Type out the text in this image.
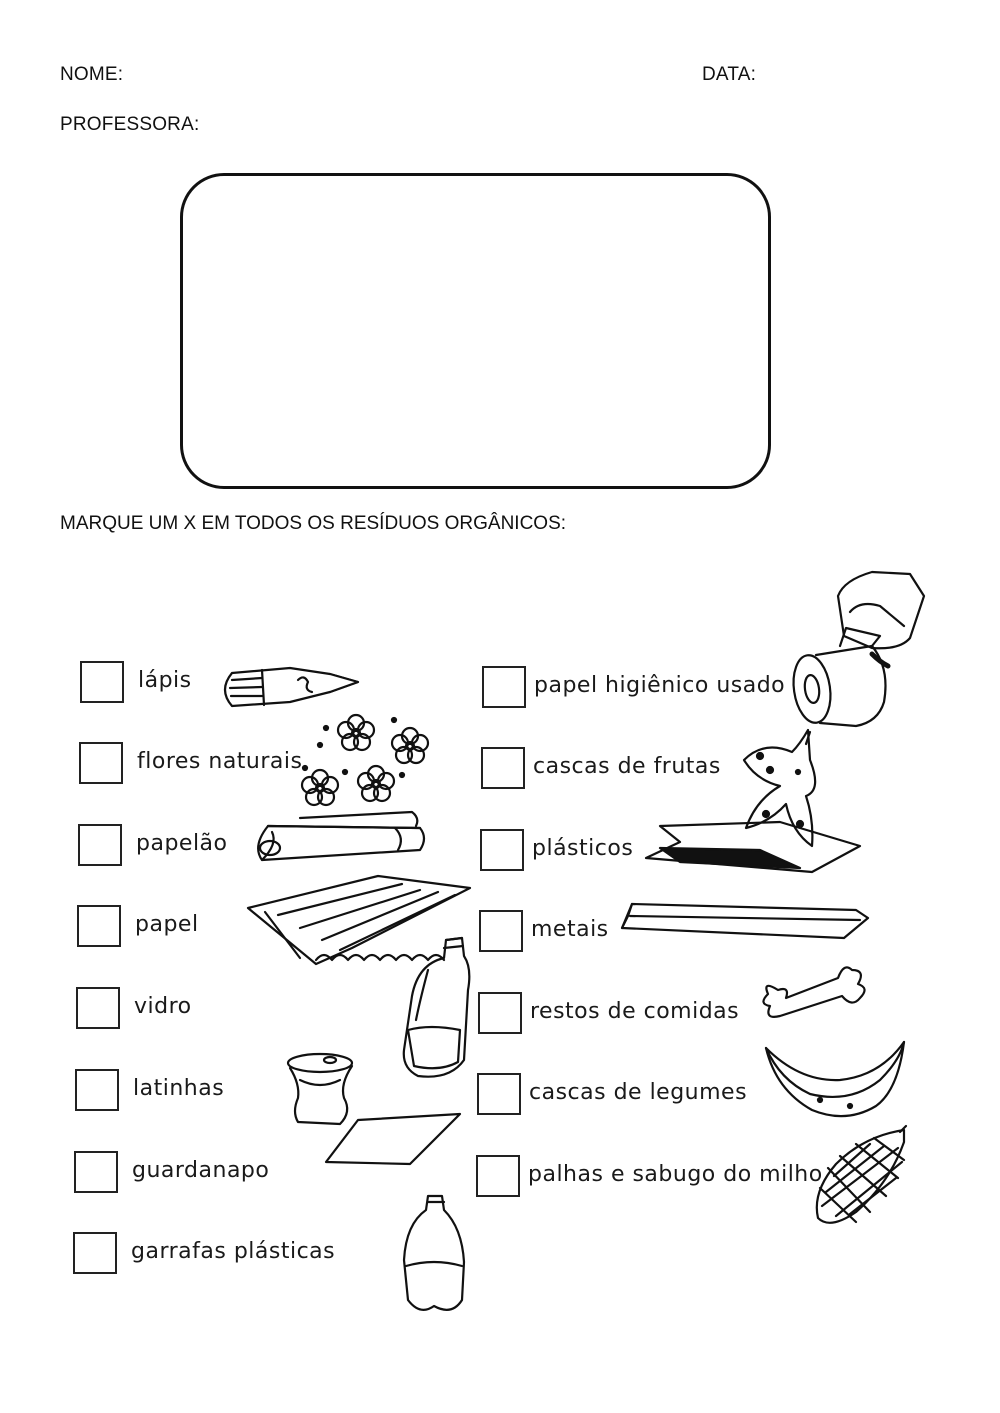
NOME:	DATA:
PROFESSORA:
MARQUE UM X EM TODOS OS RESÍDUOS ORGÂNICOS:
lápis
flores naturais
papelão
papel
vidro
latinhas
guardanapo
garrafas plásticas
papel higiênico usado
cascas de frutas
plásticos
metais
restos de comidas
cascas de legumes
palhas e sabugo do milho
